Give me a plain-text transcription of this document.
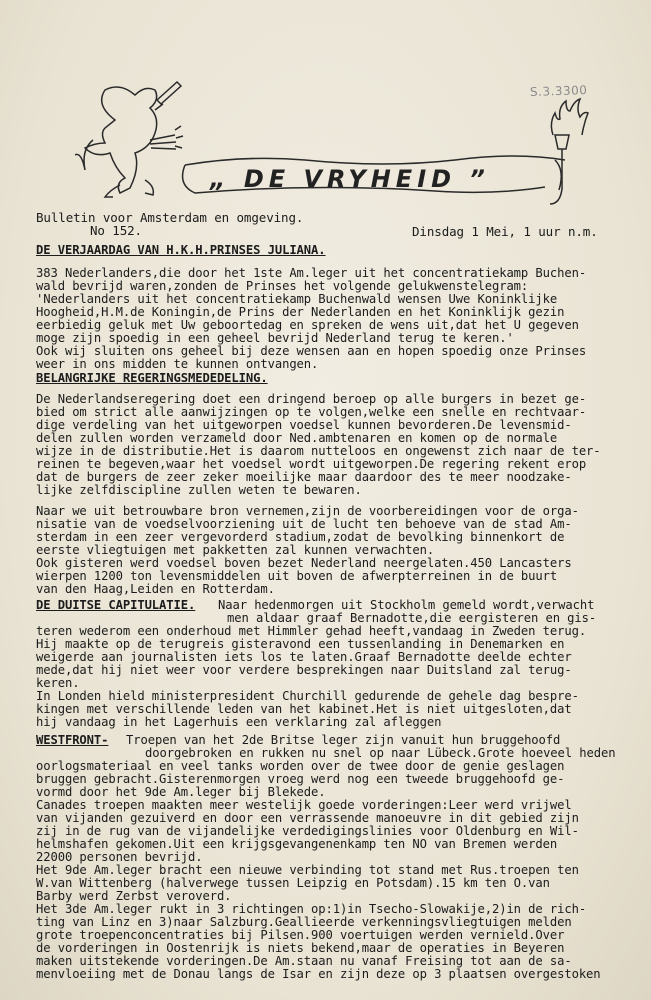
S.3.3300
„ DE VRYHEID ”
Bulletin voor Amsterdam en omgeving.
No 152.	Dinsdag 1 Mei, 1 uur n.m.
DE VERJAARDAG VAN H.K.H.PRINSES JULIANA.
383 Nederlanders,die door het 1ste Am.leger uit het concentratiekamp Buchen-
wald bevrijd waren,zonden de Prinses het volgende gelukwenstelegram:
'Nederlanders uit het concentratiekamp Buchenwald wensen Uwe Koninklijke
Hoogheid,H.M.de Koningin,de Prins der Nederlanden en het Koninklijk gezin
eerbiedig geluk met Uw geboortedag en spreken de wens uit,dat het U gegeven
moge zijn spoedig in een geheel bevrijd Nederland terug te keren.'
Ook wij sluiten ons geheel bij deze wensen aan en hopen spoedig onze Prinses
weer in ons midden te kunnen ontvangen.
BELANGRIJKE REGERINGSMEDEDELING.
De Nederlandseregering doet een dringend beroep op alle burgers in bezet ge-
bied om strict alle aanwijzingen op te volgen,welke een snelle en rechtvaar-
dige verdeling van het uitgeworpen voedsel kunnen bevorderen.De levensmid-
delen zullen worden verzameld door Ned.ambtenaren en komen op de normale
wijze in de distributie.Het is daarom nutteloos en ongewenst zich naar de ter-
reinen te begeven,waar het voedsel wordt uitgeworpen.De regering rekent erop
dat de burgers de zeer zeker moeilijke maar daardoor des te meer noodzake-
lijke zelfdiscipline zullen weten te bewaren.
Naar we uit betrouwbare bron vernemen,zijn de voorbereidingen voor de orga-
nisatie van de voedselvoorziening uit de lucht ten behoeve van de stad Am-
sterdam in een zeer vergevorderd stadium,zodat de bevolking binnenkort de
eerste vliegtuigen met pakketten zal kunnen verwachten.
Ook gisteren werd voedsel boven bezet Nederland neergelaten.450 Lancasters
wierpen 1200 ton levensmiddelen uit boven de afwerpterreinen in de buurt
van den Haag,Leiden en Rotterdam.
DE DUITSE CAPITULATIE.	Naar hedenmorgen uit Stockholm gemeld wordt,verwacht
men aldaar graaf Bernadotte,die eergisteren en gis-
teren wederom een onderhoud met Himmler gehad heeft,vandaag in Zweden terug.
Hij maakte op de terugreis gisteravond een tussenlanding in Denemarken en
weigerde aan journalisten iets los te laten.Graaf Bernadotte deelde echter
mede,dat hij niet weer voor verdere besprekingen naar Duitsland zal terug-
keren.
In Londen hield ministerpresident Churchill gedurende de gehele dag bespre-
kingen met verschillende leden van het kabinet.Het is niet uitgesloten,dat
hij vandaag in het Lagerhuis een verklaring zal afleggen
WESTFRONT-	Troepen van het 2de Britse leger zijn vanuit hun bruggehoofd
doorgebroken en rukken nu snel op naar Lübeck.Grote hoeveel heden
oorlogsmateriaal en veel tanks worden over de twee door de genie geslagen
bruggen gebracht.Gisterenmorgen vroeg werd nog een tweede bruggehoofd ge-
vormd door het 9de Am.leger bij Blekede.
Canades troepen maakten meer westelijk goede vorderingen:Leer werd vrijwel
van vijanden gezuiverd en door een verrassende manoeuvre in dit gebied zijn
zij in de rug van de vijandelijke verdedigingslinies voor Oldenburg en Wil-
helmshafen gekomen.Uit een krijgsgevangenenkamp ten NO van Bremen werden
22000 personen bevrijd.
Het 9de Am.leger bracht een nieuwe verbinding tot stand met Rus.troepen ten
W.van Wittenberg (halverwege tussen Leipzig en Potsdam).15 km ten O.van
Barby werd Zerbst veroverd.
Het 3de Am.leger rukt in 3 richtingen op:1)in Tsecho-Slowakije,2)in de rich-
ting van Linz en 3)naar Salzburg.Geallieerde verkenningsvliegtuigen melden
grote troepenconcentraties bij Pilsen.900 voertuigen werden vernield.Over
de vorderingen in Oostenrijk is niets bekend,maar de operaties in Beyeren
maken uitstekende vorderingen.De Am.staan nu vanaf Freising tot aan de sa-
menvloeiing met de Donau langs de Isar en zijn deze op 3 plaatsen overgestoken
